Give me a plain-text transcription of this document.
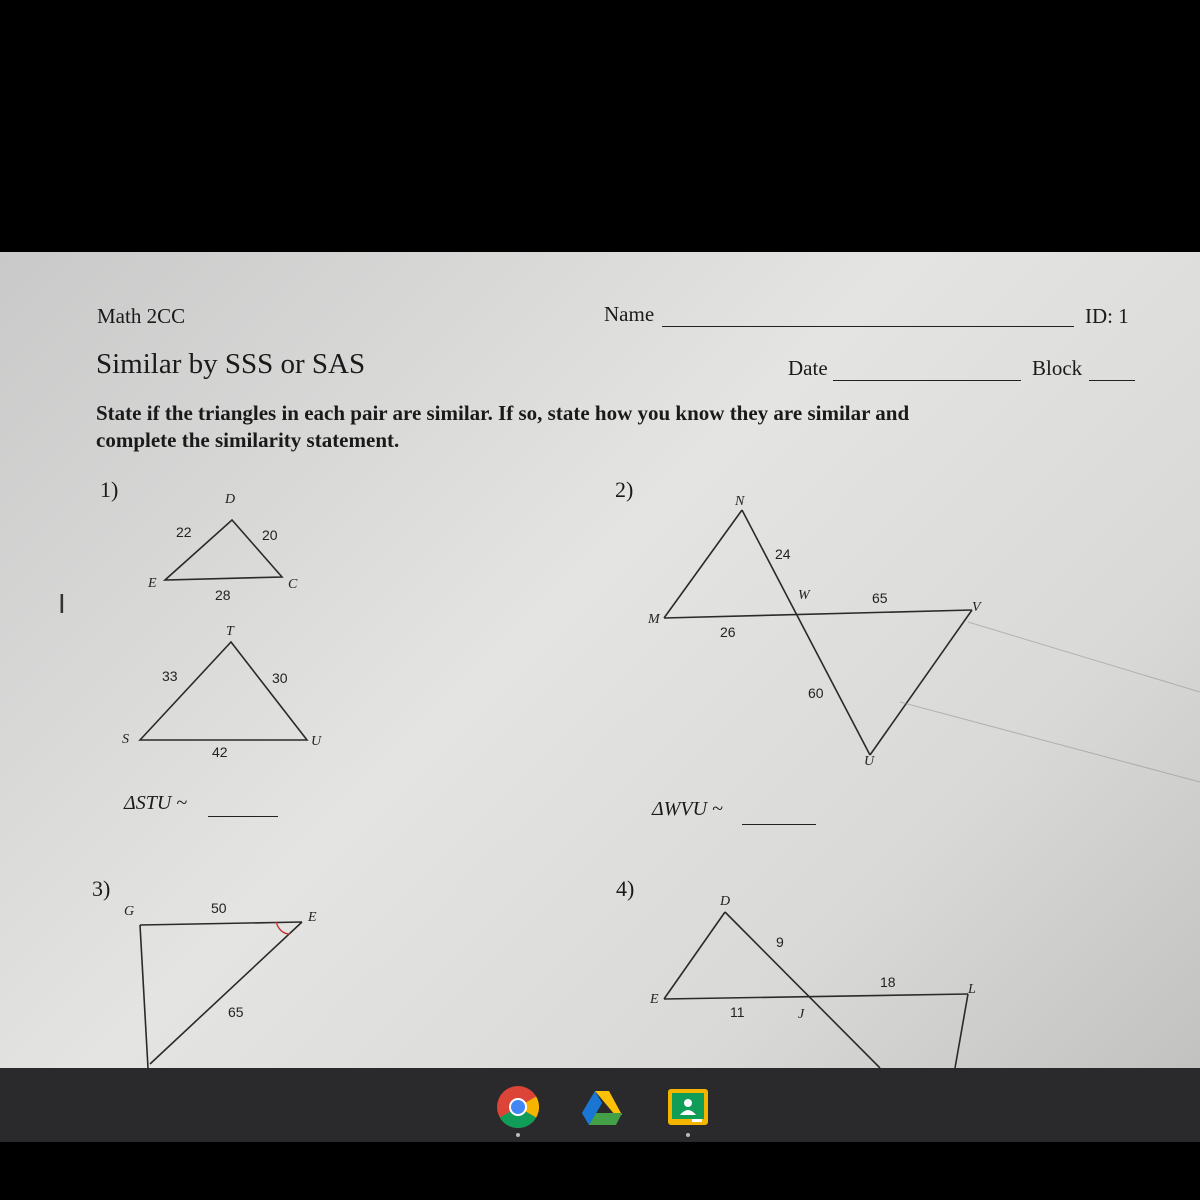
Math 2CC	Name	ID: 1
Similar by SSS or SAS	Date	Block
State if the triangles in each pair are similar. If so, state how you know they are similar and
complete the similarity statement.
1)	D
E	C
22	20
28
T
S	U
33	30
42
ΔSTU ~
2)	N
M
W
V
U
24
65
26
60
ΔWVU ~
3)
G	E
50
65
4)
D
E
J
L
9
18
11
I
